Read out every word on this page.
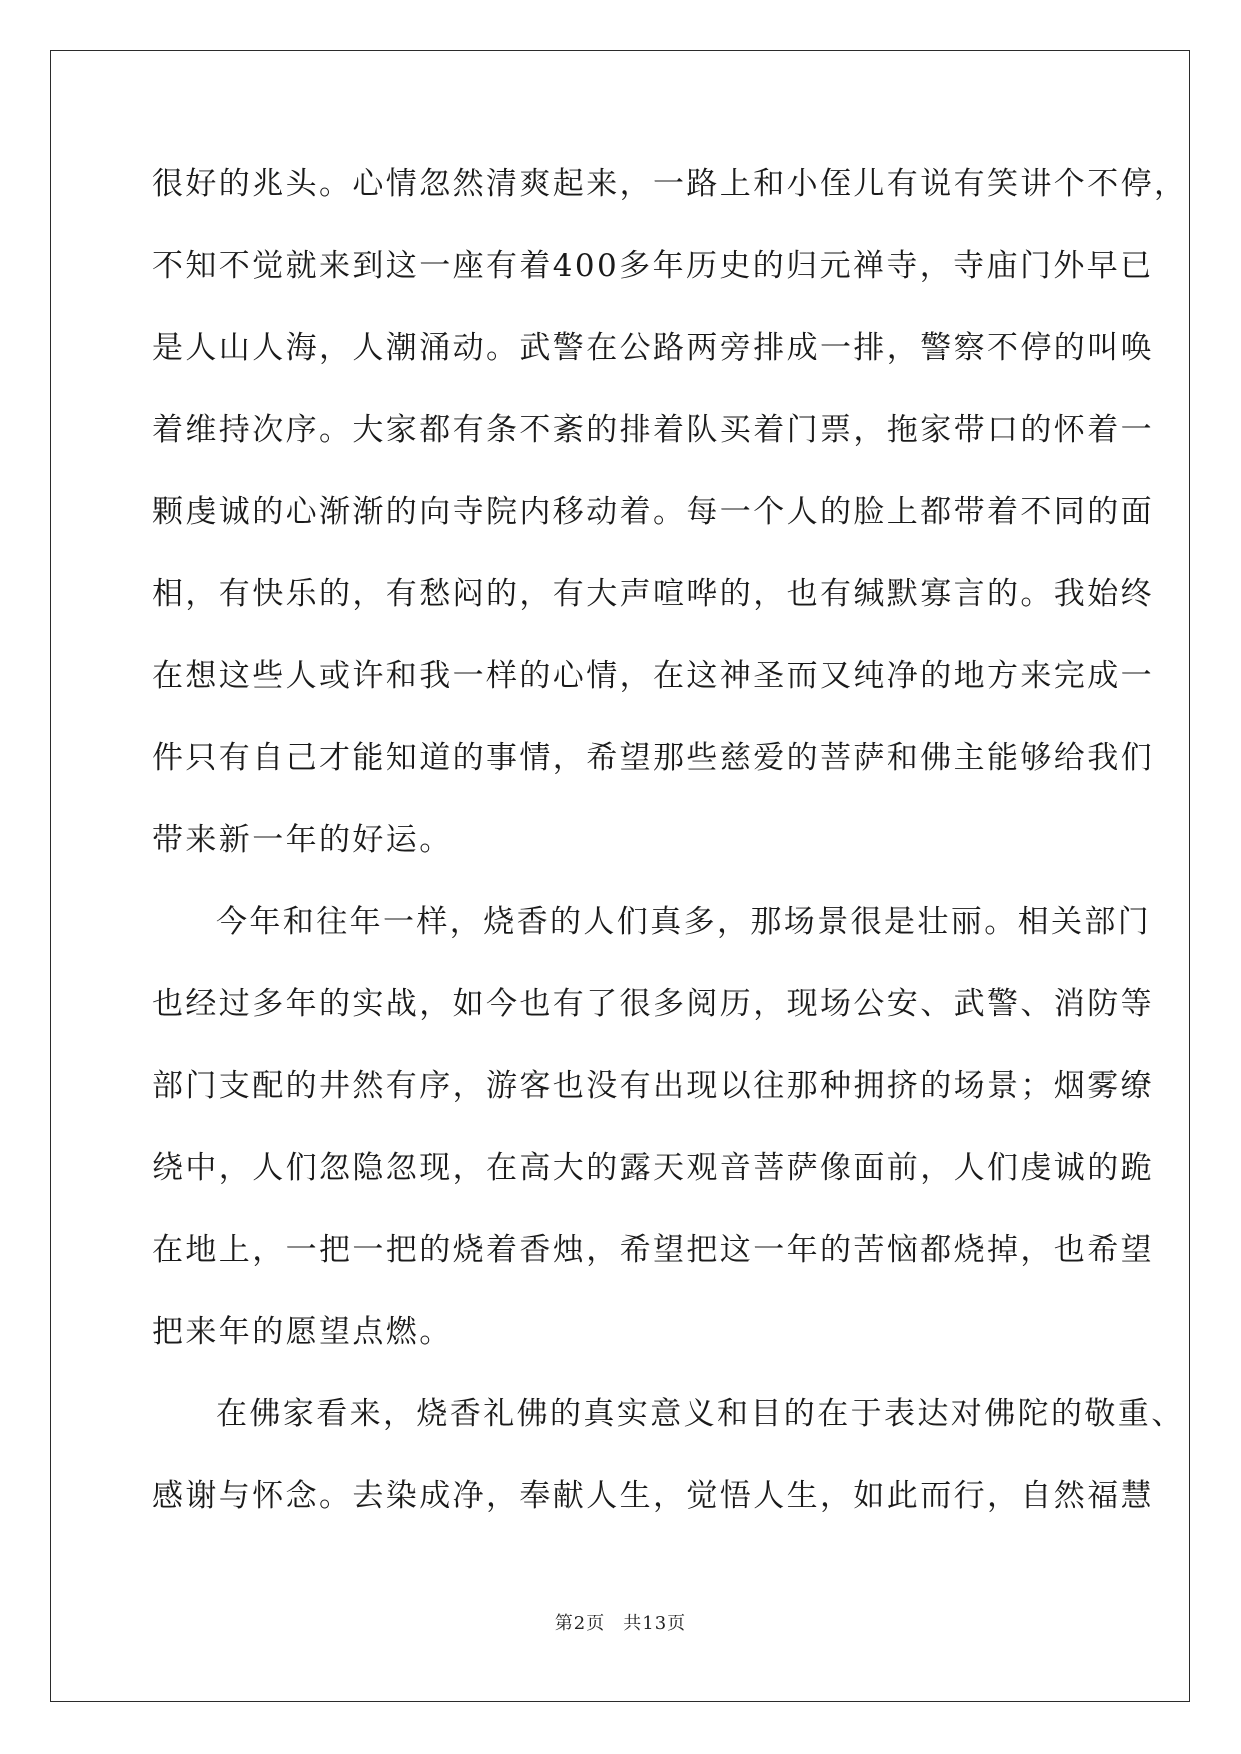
很好的兆头。心情忽然清爽起来，一路上和小侄儿有说有笑讲个不停，
不知不觉就来到这一座有着400多年历史的归元禅寺，寺庙门外早已
是人山人海，人潮涌动。武警在公路两旁排成一排，警察不停的叫唤
着维持次序。大家都有条不紊的排着队买着门票，拖家带口的怀着一
颗虔诚的心渐渐的向寺院内移动着。每一个人的脸上都带着不同的面
相，有快乐的，有愁闷的，有大声喧哗的，也有缄默寡言的。我始终
在想这些人或许和我一样的心情，在这神圣而又纯净的地方来完成一
件只有自己才能知道的事情，希望那些慈爱的菩萨和佛主能够给我们
带来新一年的好运。
今年和往年一样，烧香的人们真多，那场景很是壮丽。相关部门
也经过多年的实战，如今也有了很多阅历，现场公安、武警、消防等
部门支配的井然有序，游客也没有出现以往那种拥挤的场景；烟雾缭
绕中，人们忽隐忽现，在高大的露天观音菩萨像面前，人们虔诚的跪
在地上，一把一把的烧着香烛，希望把这一年的苦恼都烧掉，也希望
把来年的愿望点燃。
在佛家看来，烧香礼佛的真实意义和目的在于表达对佛陀的敬重、
感谢与怀念。去染成净，奉献人生，觉悟人生，如此而行，自然福慧
第2页 共13页
